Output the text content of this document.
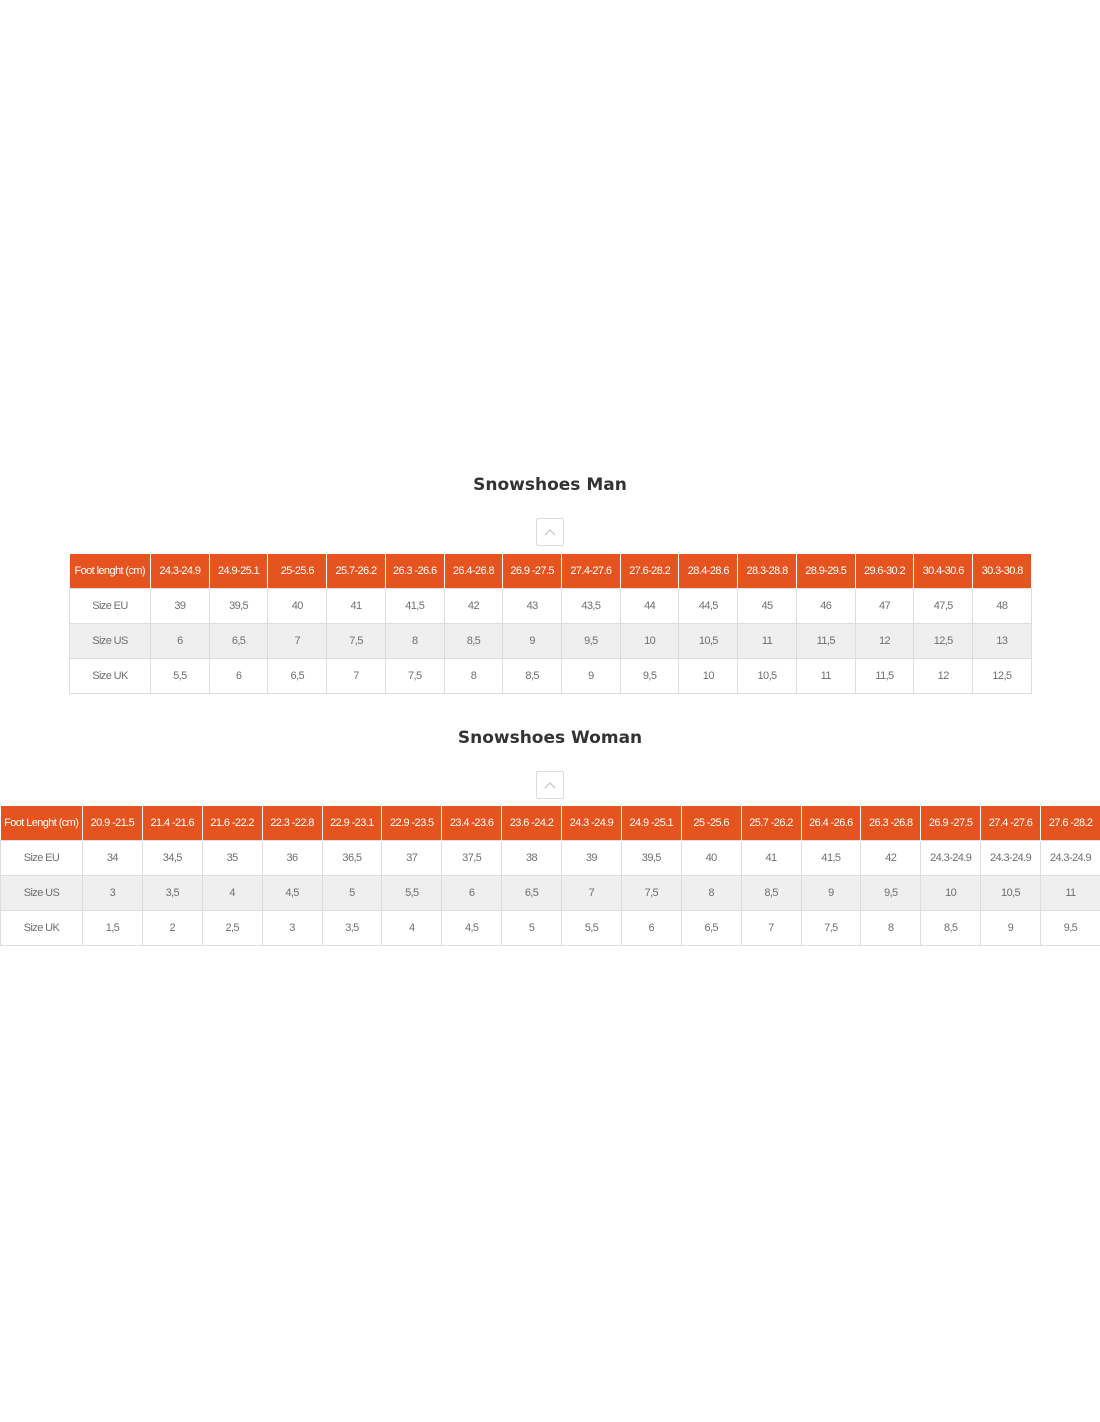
Snowshoes Man
Foot lenght (cm)	24.3-24.9	24.9-25.1	25-25.6	25.7-26.2	26.3 -26.6	26.4-26.8	26.9 -27.5	27.4-27.6	27.6-28.2	28.4-28.6	28.3-28.8	28.9-29.5	29.6-30.2	30.4-30.6	30.3-30.8
Size EU	39	39,5	40	41	41,5	42	43	43,5	44	44,5	45	46	47	47,5	48
Size US	6	6,5	7	7,5	8	8,5	9	9,5	10	10,5	11	11,5	12	12,5	13
Size UK	5,5	6	6,5	7	7,5	8	8,5	9	9,5	10	10,5	11	11,5	12	12,5
Snowshoes Woman
Foot Lenght (cm)	20.9 -21.5	21.4 -21.6	21.6 -22.2	22.3 -22.8	22.9 -23.1	22.9 -23.5	23.4 -23.6	23.6 -24.2	24.3 -24.9	24.9 -25.1	25 -25.6	25.7 -26.2	26.4 -26.6	26.3 -26.8	26.9 -27.5	27.4 -27.6	27.6 -28.2
Size EU	34	34,5	35	36	36,5	37	37,5	38	39	39,5	40	41	41,5	42	24.3-24.9	24.3-24.9	24.3-24.9
Size US	3	3,5	4	4,5	5	5,5	6	6,5	7	7,5	8	8,5	9	9,5	10	10,5	11
Size UK	1,5	2	2,5	3	3,5	4	4,5	5	5,5	6	6,5	7	7,5	8	8,5	9	9,5
